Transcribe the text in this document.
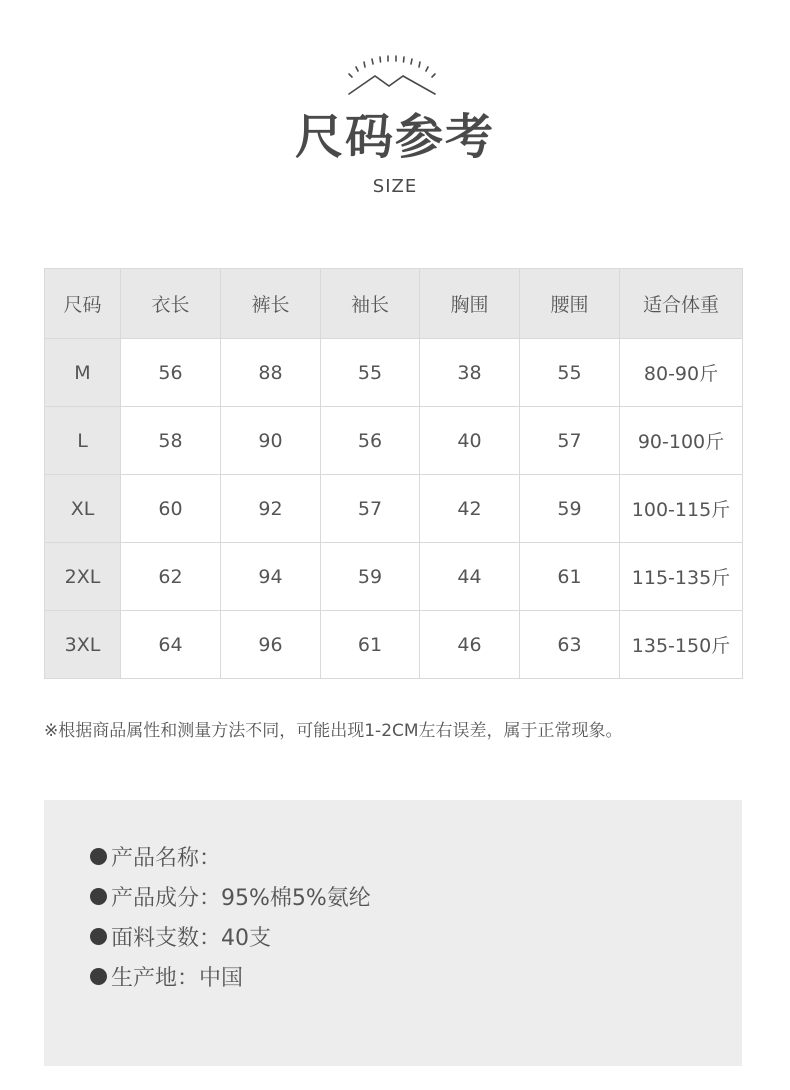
尺码参考
SIZE
尺码	衣长	裤长	袖长	胸围	腰围	适合体重
M	56	88	55	38	55	80-90斤
L	58	90	56	40	57	90-100斤
XL	60	92	57	42	59	100-115斤
2XL	62	94	59	44	61	115-135斤
3XL	64	96	61	46	63	135-150斤
※根据商品属性和测量方法不同，可能出现1-2CM左右误差，属于正常现象。
产品名称：
产品成分：95%棉5%氨纶
面料支数：40支
生产地：中国
